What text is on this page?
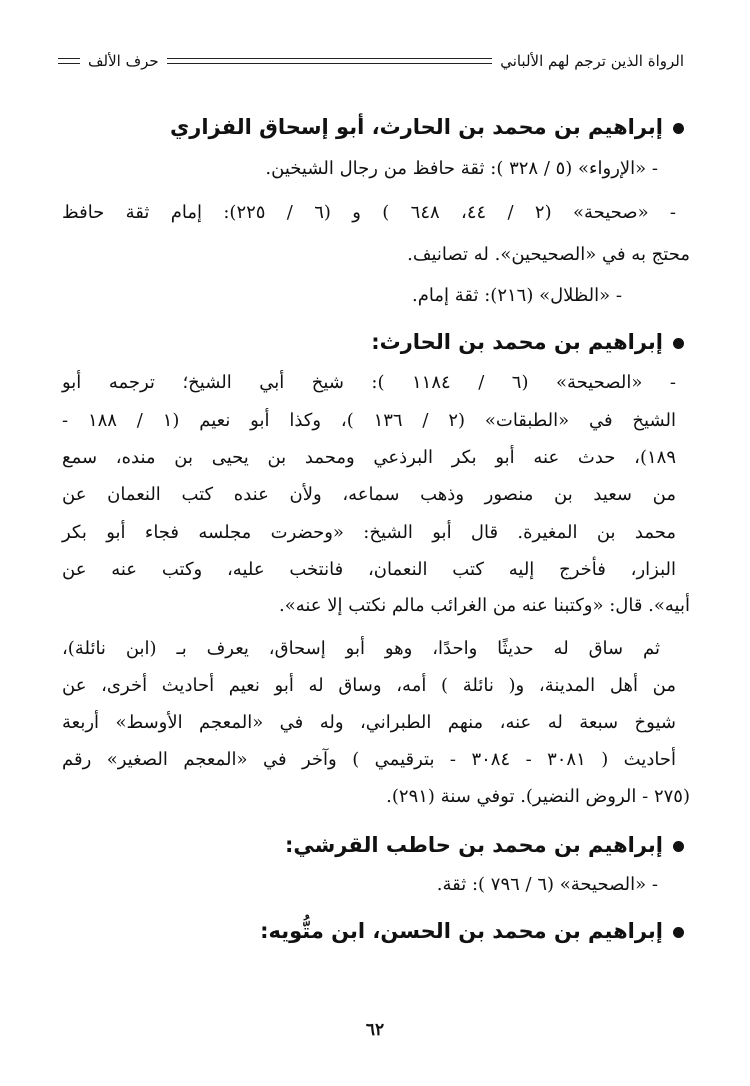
الرواة الذين ترجم لهم الألباني
حرف الألف
إبراهيم بن محمد بن الحارث، أبو إسحاق الفزاري
- «الإرواء» (٥ / ٣٢٨ ): ثقة حافظ من رجال الشيخين.
- «صحيحة» (٢ / ٤٤، ٦٤٨ ) و (٦ / ٢٢٥): إمام ثقة حافظ
محتج به في «الصحيحين». له تصانيف.
- «الظلال» (٢١٦): ثقة إمام.
إبراهيم بن محمد بن الحارث:
- «الصحيحة» (٦ / ١١٨٤ ): شيخ أبي الشيخ؛ ترجمه أبو
الشيخ في «الطبقات» (٢ / ١٣٦ )، وكذا أبو نعيم (١ / ١٨٨ -
١٨٩)، حدث عنه أبو بكر البرذعي ومحمد بن يحيى بن منده، سمع
من سعيد بن منصور وذهب سماعه، ولأن عنده كتب النعمان عن
محمد بن المغيرة. قال أبو الشيخ: «وحضرت مجلسه فجاء أبو بكر
البزار، فأخرج إليه كتب النعمان، فانتخب عليه، وكتب عنه عن
أبيه». قال: «وكتبنا عنه من الغرائب مالم نكتب إلا عنه».
ثم ساق له حديثًا واحدًا، وهو أبو إسحاق، يعرف بـ (ابن نائلة)،
من أهل المدينة، و( نائلة ) أمه، وساق له أبو نعيم أحاديث أخرى، عن
شيوخ سبعة له عنه، منهم الطبراني، وله في «المعجم الأوسط» أربعة
أحاديث ( ٣٠٨١ - ٣٠٨٤ - بترقيمي ) وآخر في «المعجم الصغير» رقم
(٢٧٥ - الروض النضير). توفي سنة (٢٩١).
إبراهيم بن محمد بن حاطب القرشي:
- «الصحيحة» (٦ / ٧٩٦ ): ثقة.
إبراهيم بن محمد بن الحسن، ابن متُّويه:
٦٢
